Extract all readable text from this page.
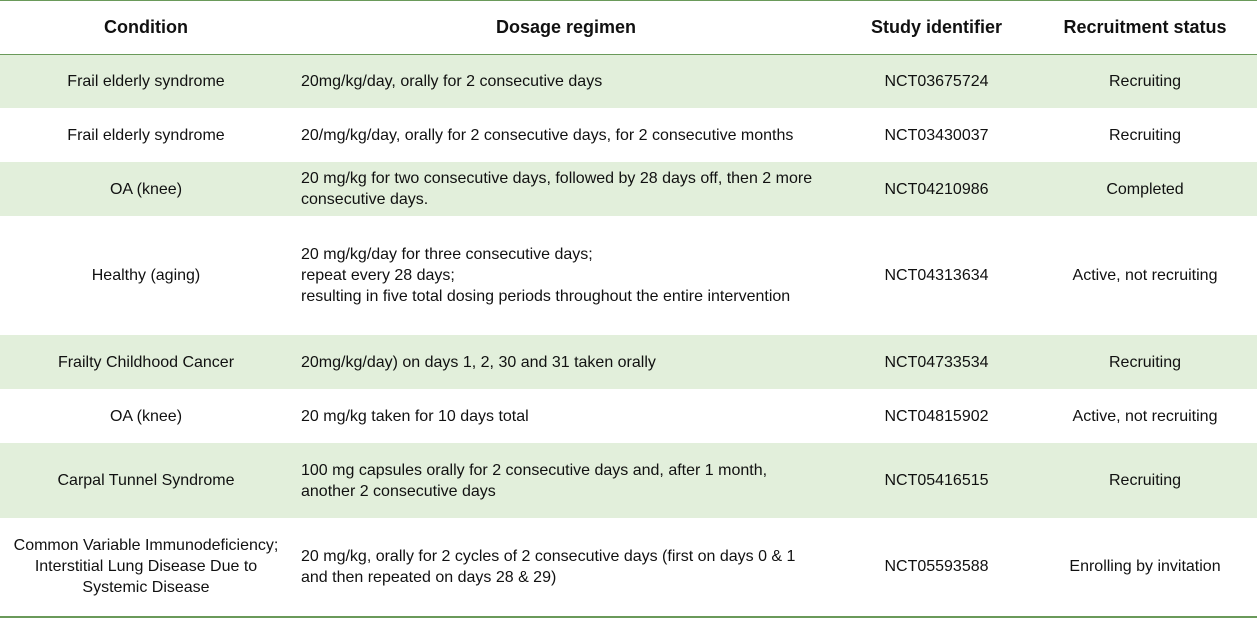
Condition	Dosage regimen	Study identifier	Recruitment status

Frail elderly syndrome	20mg/kg/day, orally for 2 consecutive days	NCT03675724	Recruiting
Frail elderly syndrome	20/mg/kg/day, orally for 2 consecutive days, for 2 consecutive months	NCT03430037	Recruiting
OA (knee)	20 mg/kg for two consecutive days, followed by 28 days off, then 2 more consecutive days.	NCT04210986	Completed
Healthy (aging)	20 mg/kg/day for three consecutive days;
repeat every 28 days;
resulting in five total dosing periods throughout the entire intervention	NCT04313634	Active, not recruiting
Frailty Childhood Cancer	20mg/kg/day) on days 1, 2, 30 and 31 taken orally	NCT04733534	Recruiting
OA (knee)	20 mg/kg taken for 10 days total	NCT04815902	Active, not recruiting
Carpal Tunnel Syndrome	100 mg capsules orally for 2 consecutive days and, after 1 month, another 2 consecutive days	NCT05416515	Recruiting
Common Variable Immunodeficiency; Interstitial Lung Disease Due to Systemic Disease	20 mg/kg, orally for 2 cycles of 2 consecutive days (first on days 0 & 1 and then repeated on days 28 & 29)	NCT05593588	Enrolling by invitation
